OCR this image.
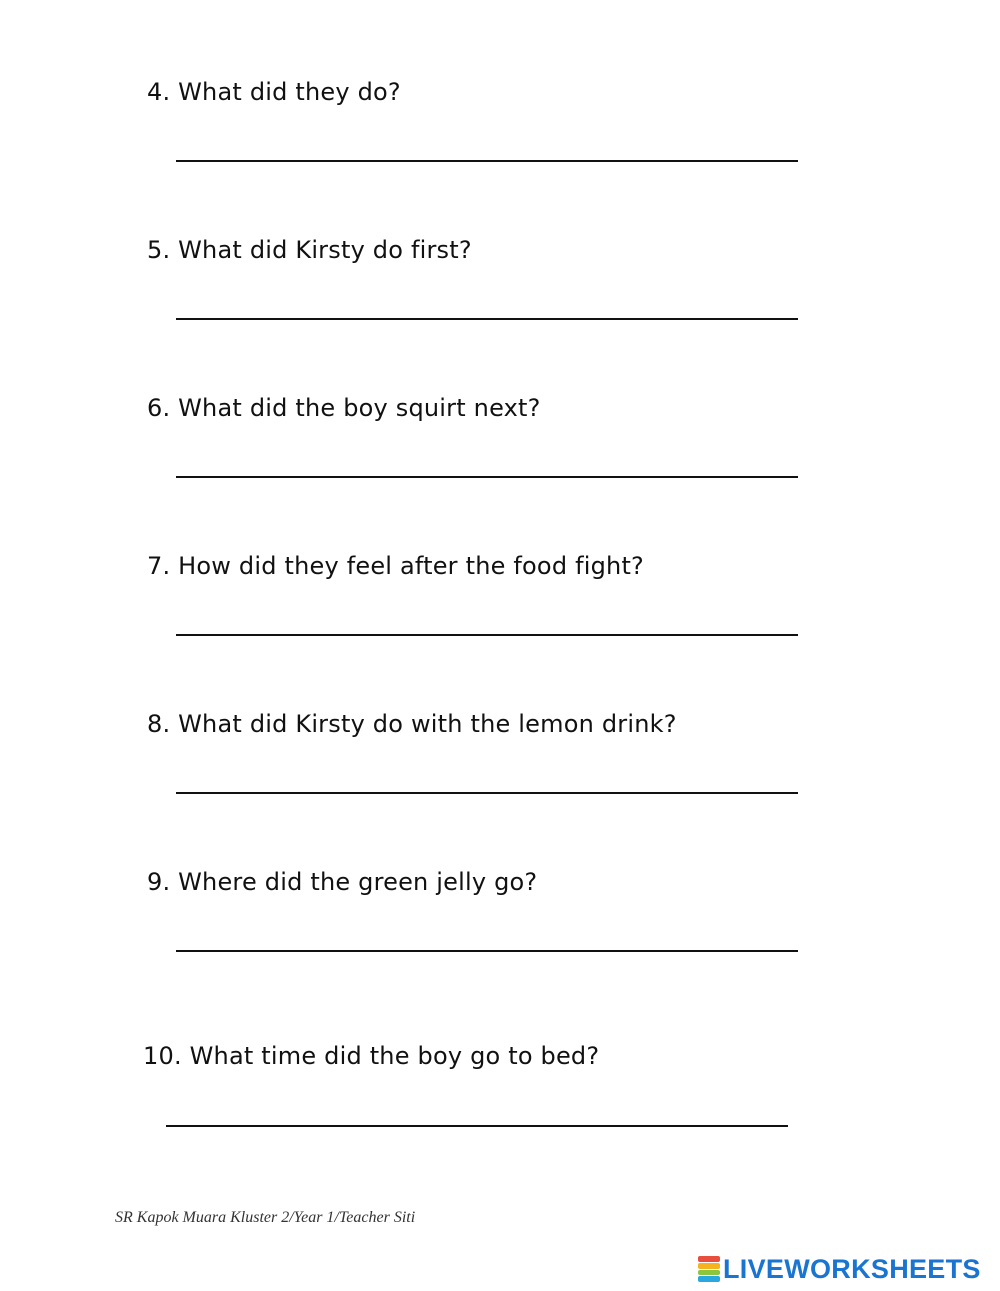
4. What did they do?
5. What did Kirsty do first?
6. What did the boy squirt next?
7. How did they feel after the food fight?
8. What did Kirsty do with the lemon drink?
9. Where did the green jelly go?
10. What time did the boy go to bed?
SR Kapok Muara Kluster 2/Year 1/Teacher Siti
LIVEWORKSHEETS
